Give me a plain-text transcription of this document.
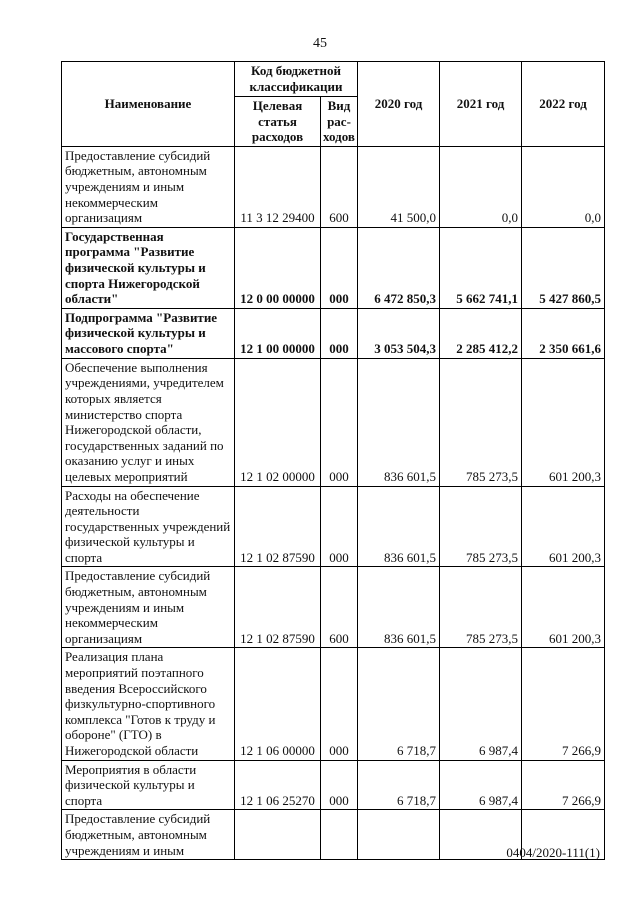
45
Наименование	Код бюджетной классификации		2020 год	2021 год	2022 год
	Целевая статья расходов	Вид рас-ходов			
Предоставление субсидий бюджетным, автономным учреждениям и иным некоммерческим организациям	11 3 12 29400	600	41 500,0	0,0	0,0
Государственная программа "Развитие физической культуры и спорта Нижегородской области"	12 0 00 00000	000	6 472 850,3	5 662 741,1	5 427 860,5
Подпрограмма "Развитие физической культуры и массового спорта"	12 1 00 00000	000	3 053 504,3	2 285 412,2	2 350 661,6
Обеспечение выполнения учреждениями, учредителем которых является министерство спорта Нижегородской области, государственных заданий по оказанию услуг и иных целевых мероприятий	12 1 02 00000	000	836 601,5	785 273,5	601 200,3
Расходы на обеспечение деятельности государственных учреждений физической культуры и спорта	12 1 02 87590	000	836 601,5	785 273,5	601 200,3
Предоставление субсидий бюджетным, автономным учреждениям и иным некоммерческим организациям	12 1 02 87590	600	836 601,5	785 273,5	601 200,3
Реализация плана мероприятий поэтапного введения Всероссийского физкультурно-спортивного комплекса "Готов к труду и обороне" (ГТО) в Нижегородской области	12 1 06 00000	000	6 718,7	6 987,4	7 266,9
Мероприятия в области физической культуры и спорта	12 1 06 25270	000	6 718,7	6 987,4	7 266,9
Предоставление субсидий бюджетным, автономным учреждениям и иным						0404/2020-111(1)
